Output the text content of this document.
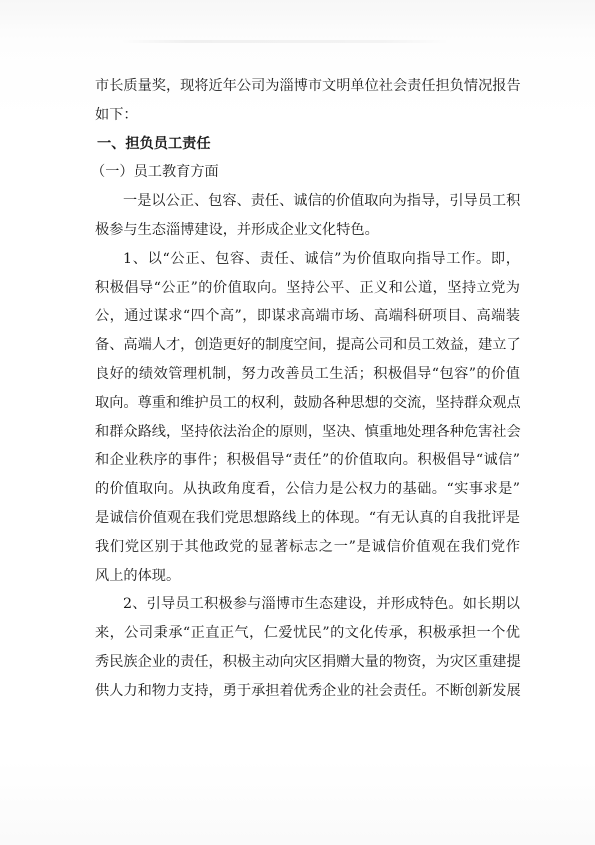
市长质量奖，现将近年公司为淄博市文明单位社会责任担负情况报告
如下：

一、担负员工责任

（一）员工教育方面

一是以公正、包容、责任、诚信的价值取向为指导，引导员工积
极参与生态淄博建设，并形成企业文化特色。

1、以“公正、包容、责任、诚信”为价值取向指导工作。即，
积极倡导“公正”的价值取向。坚持公平、正义和公道，坚持立党为
公，通过谋求“四个高”，即谋求高端市场、高端科研项目、高端装
备、高端人才，创造更好的制度空间，提高公司和员工效益，建立了
良好的绩效管理机制，努力改善员工生活；积极倡导“包容”的价值
取向。尊重和维护员工的权利，鼓励各种思想的交流，坚持群众观点
和群众路线，坚持依法治企的原则，坚决、慎重地处理各种危害社会
和企业秩序的事件；积极倡导“责任”的价值取向。积极倡导“诚信”
的价值取向。从执政角度看，公信力是公权力的基础。“实事求是”
是诚信价值观在我们党思想路线上的体现。“有无认真的自我批评是
我们党区别于其他政党的显著标志之一”是诚信价值观在我们党作
风上的体现。

2、引导员工积极参与淄博市生态建设，并形成特色。如长期以
来，公司秉承“正直正气，仁爱忧民”的文化传承，积极承担一个优
秀民族企业的责任，积极主动向灾区捐赠大量的物资，为灾区重建提
供人力和物力支持，勇于承担着优秀企业的社会责任。不断创新发展
